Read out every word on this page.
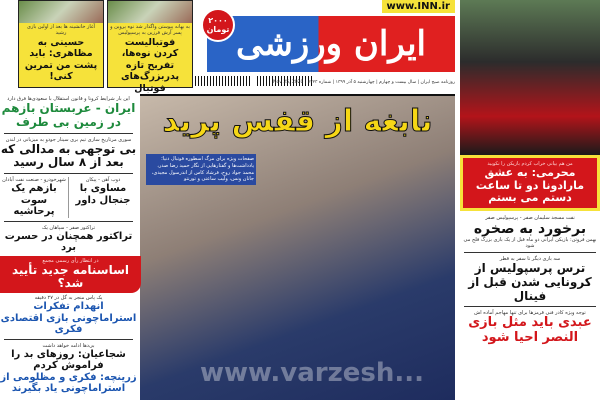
آغاز خانشینه ها بعد از اولین بازی رشید
حسینی به مظاهری: باید پشت من تمرین کنی!
به بهانه پیوستن واگذار شد نوه پروین و پسر آرش فرزین به پرسپولیس
فوتبالیست کردن نوه‌ها، تفریح تازه پدربزرگ‌های فوتبال
www.INN.ir
ایران ورزشی
۲۰۰۰
تومان
روزنامه صبح ایران | سال بیست و چهارم | چهارشنبه ۵ آذر ۱۳۹۹ | شماره ۷۲۲۳ | Nov 25, 2020
نابغه از قفس پرید
صفحات ویژه برای مرگ اسطوره فوتبال دنیا؛ یادداشت‌ها و گفتارهایی از نگار حمید رضا صدر، محمد جواد روح، فرشاد کاس از اندرسول مجیدی، جانان ونس، ولیب ساعتی و تورنتو
www.varzesh...
این بار شرایط کرونا و قانون استقلال با سعودی‌ها فرق دارد
ایران - عربستان بازهم در زمین بی طرف
سوری مرتاریخ سازی تیم بری سینار جودو به میزبانی در لندن
بی توجهی به مدالی که بعد از ۸ سال رسید
ذوب آهن - پیکان
مساوی با جنجال داور
شهرخودرو - صنعت نفت آبادان
بازهم یک سوت پرحاشیه
تراکتور صفر - سپاهان یک
تراکتور همچنان در حسرت برد
در انتظار رأی رسمی مجمع
اساسنامه جدید تأیید شد؟
یک پاس منجر به گل در ۲۷ دقیقه
انهدام تفکرات استراماچونی بازی اقتصادی فکری
بی‌دها ادامه خواهد داشت
شجاعیان: روزهای بد را فراموش کردم
زرینچه: فکری و مظلومی از استراماچونی یاد بگیرند
من هم بیانی خراب کردم بازیکن را نکوبید
محرمی: به عشق مارادونا دو تا ساعت دستم می بستم
نفت مسجد سلیمان صفر - پرسپولیس صفر
برخورد به صخره
بهمن فروتن: بازیکن ایرانی دو ماه قبل از یک بازی بزرگ فلج می شود
سه بازی دیگر تا سفر به قطر
ترس پرسپولیس از کرونایی شدن قبل از فینال
توجه ویژه کادر فنی قرمزها برای تنها مهاجم آماده اش
عبدی باید مثل بازی النصر احیا شود
